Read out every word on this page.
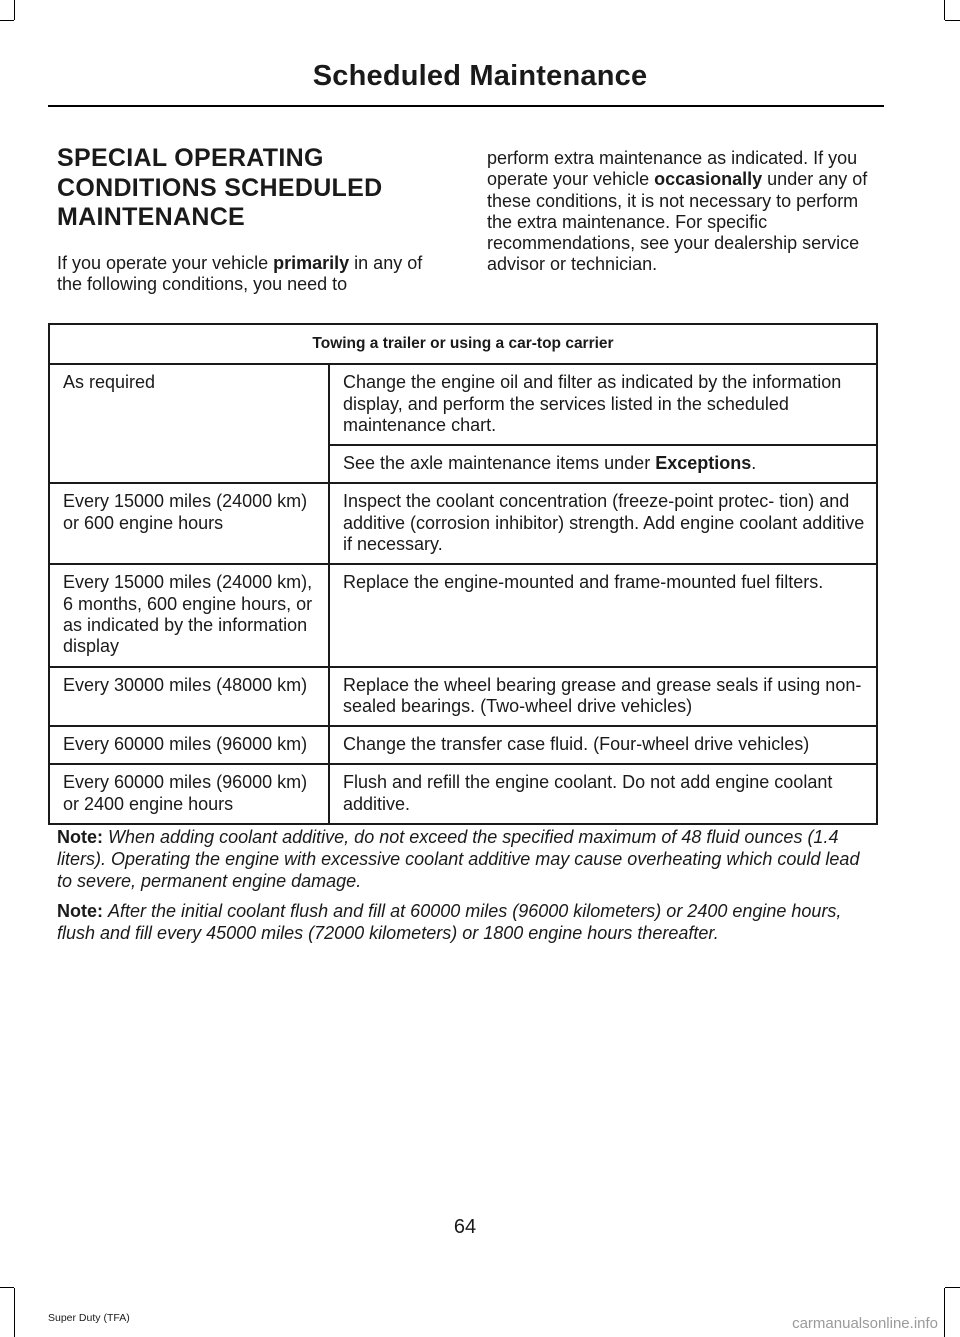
Scheduled Maintenance
SPECIAL OPERATING
CONDITIONS SCHEDULED
MAINTENANCE

If you operate your vehicle primarily in any of the following conditions, you need to

perform extra maintenance as indicated. If you operate your vehicle occasionally under any of these conditions, it is not necessary to perform the extra maintenance. For specific recommendations, see your dealership service advisor or technician.

Towing a trailer or using a car-top carrier	
As required	Change the engine oil and filter as indicated by the information display, and perform the services listed in the scheduled maintenance chart.
	See the axle maintenance items under Exceptions.
Every 15000 miles (24000 km) or 600 engine hours	Inspect the coolant concentration (freeze-point protec- tion) and additive (corrosion inhibitor) strength. Add engine coolant additive if necessary.
Every 15000 miles (24000 km), 6 months, 600 engine hours, or as indicated by the information display	Replace the engine-mounted and frame-mounted fuel filters.
Every 30000 miles (48000 km)	Replace the wheel bearing grease and grease seals if using non-sealed bearings. (Two-wheel drive vehicles)
Every 60000 miles (96000 km)	Change the transfer case fluid. (Four-wheel drive vehicles)
Every 60000 miles (96000 km) or 2400 engine hours	Flush and refill the engine coolant. Do not add engine coolant additive.

Note: When adding coolant additive, do not exceed the specified maximum of 48 fluid ounces (1.4 liters). Operating the engine with excessive coolant additive may cause overheating which could lead to severe, permanent engine damage.

Note: After the initial coolant flush and fill at 60000 miles (96000 kilometers) or 2400 engine hours, flush and fill every 45000 miles (72000 kilometers) or 1800 engine hours thereafter.

64
Super Duty (TFA)	carmanualsonline.info
